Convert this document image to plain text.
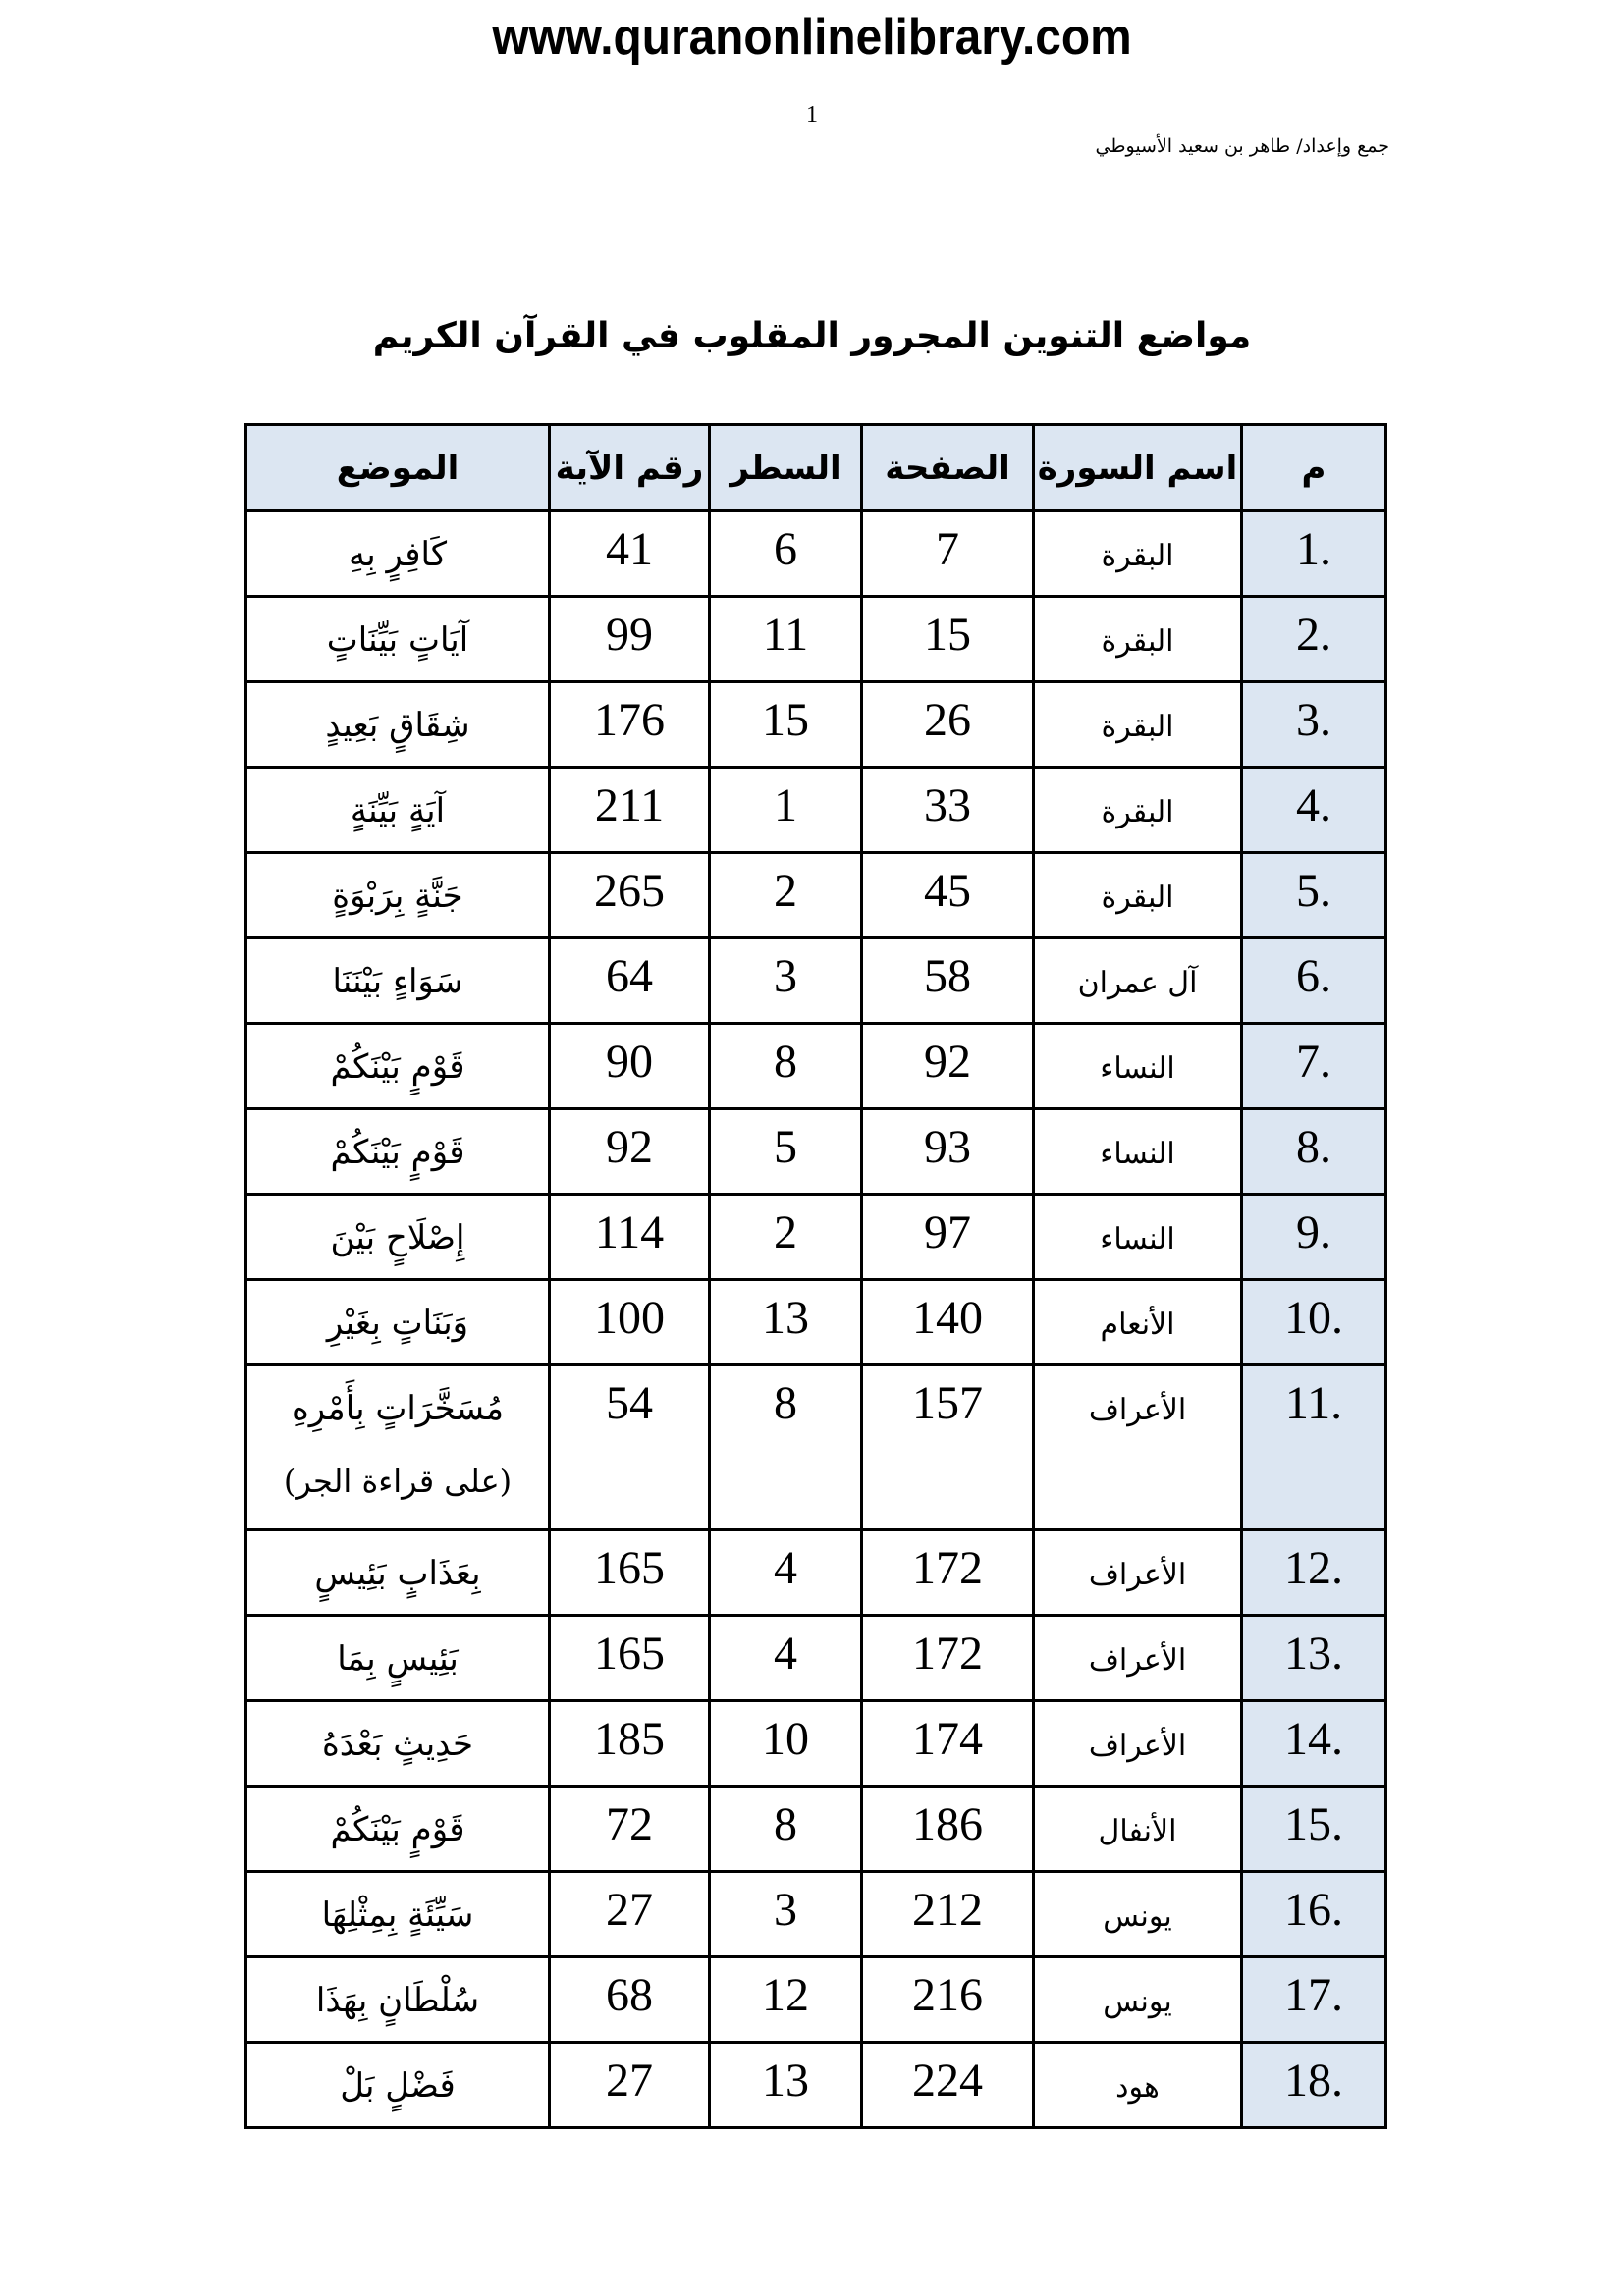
www.quranonlinelibrary.com
1
جمع وإعداد/ طاهر بن سعيد الأسيوطي
مواضع التنوين المجرور المقلوب في القرآن الكريم
م	اسم السورة	الصفحة	السطر	رقم الآية	الموضع

1.	البقرة	7	6	41	كَافِرٍ بِهِ

2.	البقرة	15	11	99	آيَاتٍ بَيِّنَاتٍ

3.	البقرة	26	15	176	شِقَاقٍ بَعِيدٍ

4.	البقرة	33	1	211	آيَةٍ بَيِّنَةٍ

5.	البقرة	45	2	265	جَنَّةٍ بِرَبْوَةٍ

6.	آل عمران	58	3	64	سَوَاءٍ بَيْنَنَا

7.	النساء	92	8	90	قَوْمٍ بَيْنَكُمْ

8.	النساء	93	5	92	قَوْمٍ بَيْنَكُمْ

9.	النساء	97	2	114	إِصْلَاحٍ بَيْنَ

10.	الأنعام	140	13	100	وَبَنَاتٍ بِغَيْرِ

11.	الأعراف	157	8	54	مُسَخَّرَاتٍ بِأَمْرِهِ
(على قراءة الجر)

12.	الأعراف	172	4	165	بِعَذَابٍ بَئِيسٍ

13.	الأعراف	172	4	165	بَئِيسٍ بِمَا

14.	الأعراف	174	10	185	حَدِيثٍ بَعْدَهُ

15.	الأنفال	186	8	72	قَوْمٍ بَيْنَكُمْ

16.	يونس	212	3	27	سَيِّئَةٍ بِمِثْلِهَا

17.	يونس	216	12	68	سُلْطَانٍ بِهَذَا

18.	هود	224	13	27	فَضْلٍ بَلْ
